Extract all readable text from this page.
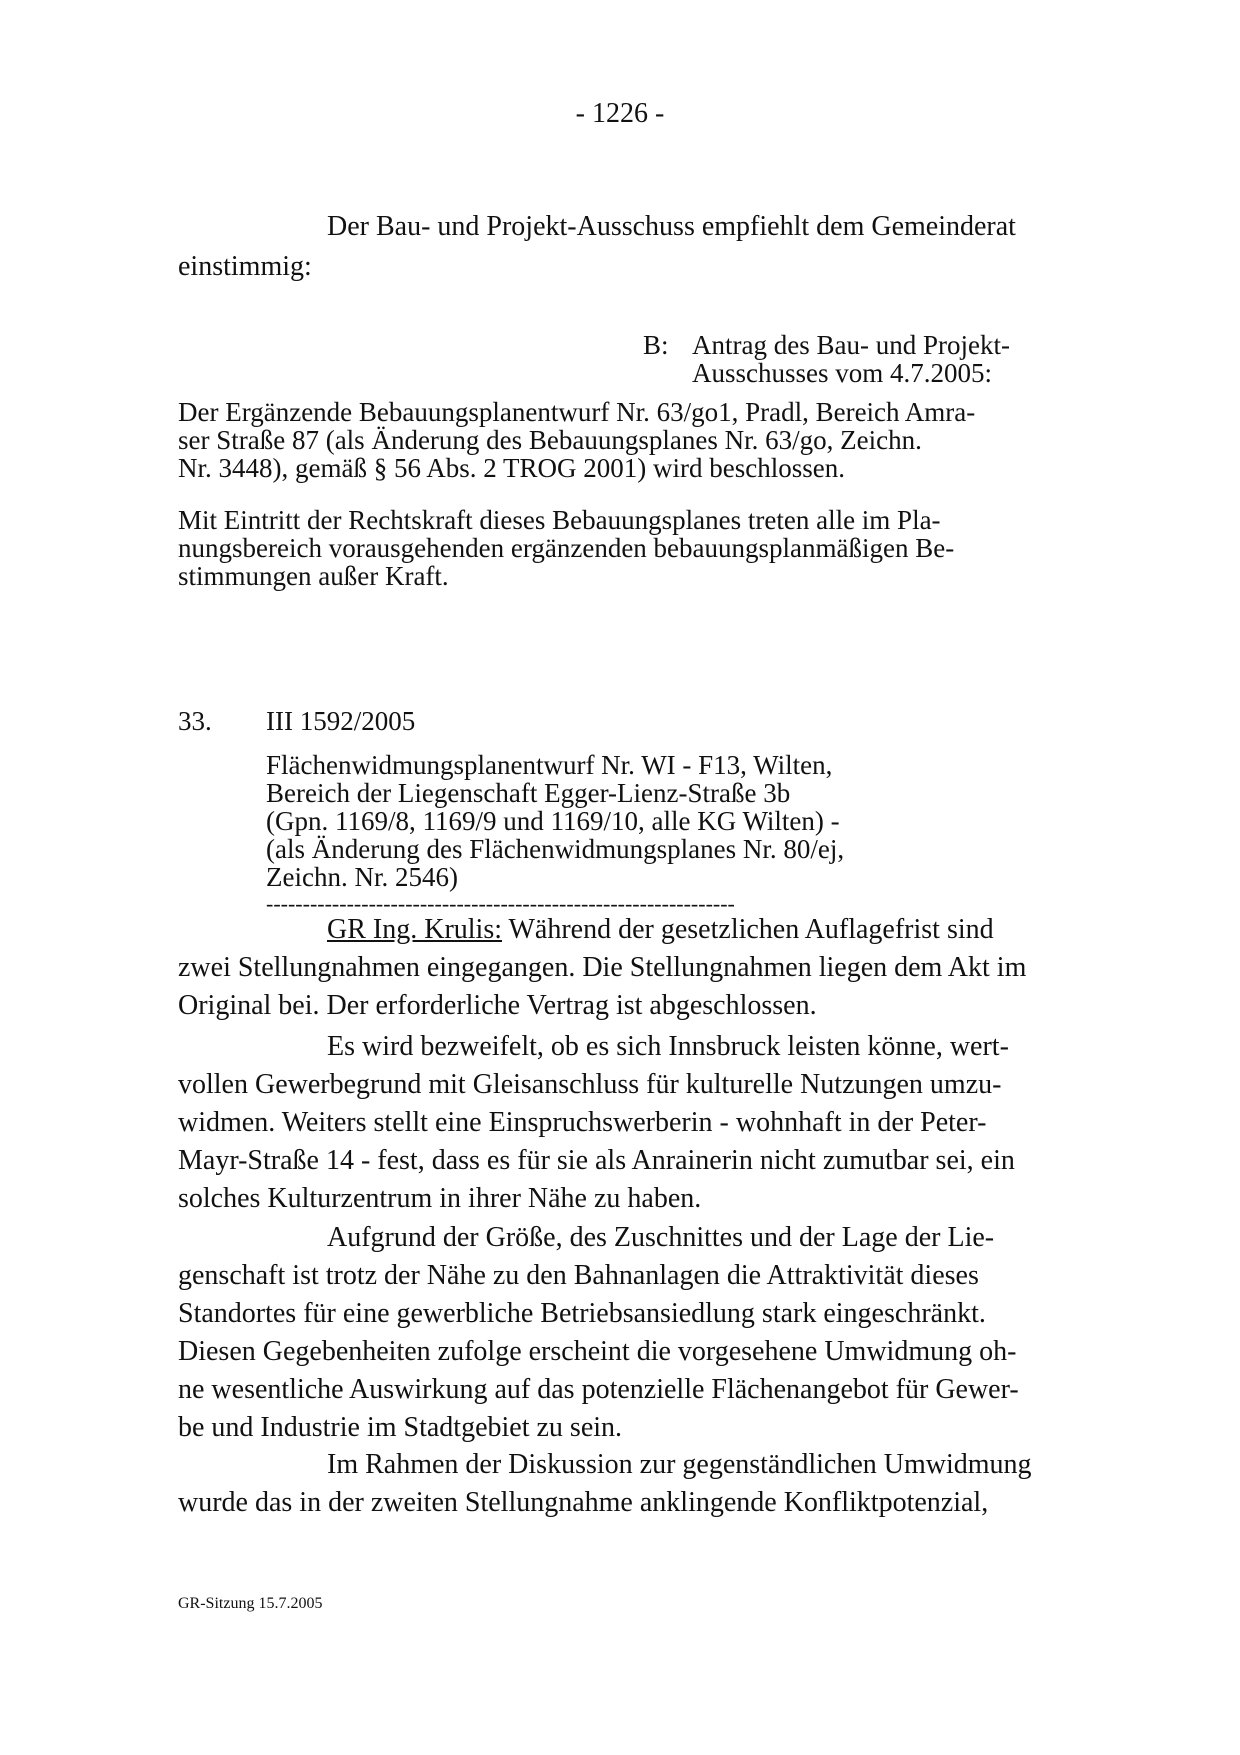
- 1226 -
Der Bau- und Projekt-Ausschuss empfiehlt dem Gemeinderat
einstimmig:
B: Antrag des Bau- und Projekt-
Ausschusses vom 4.7.2005:
Der Ergänzende Bebauungsplanentwurf Nr. 63/go1, Pradl, Bereich Amra-
ser Straße 87 (als Änderung des Bebauungsplanes Nr. 63/go, Zeichn.
Nr. 3448), gemäß § 56 Abs. 2 TROG 2001) wird beschlossen.
Mit Eintritt der Rechtskraft dieses Bebauungsplanes treten alle im Pla-
nungsbereich vorausgehenden ergänzenden bebauungsplanmäßigen Be-
stimmungen außer Kraft.
33. III 1592/2005
Flächenwidmungsplanentwurf Nr. WI - F13, Wilten,
Bereich der Liegenschaft Egger-Lienz-Straße 3b
(Gpn. 1169/8, 1169/9 und 1169/10, alle KG Wilten) -
(als Änderung des Flächenwidmungsplanes Nr. 80/ej,
Zeichn. Nr. 2546)
----------------------------------------------------------------
GR Ing. Krulis: Während der gesetzlichen Auflagefrist sind
zwei Stellungnahmen eingegangen. Die Stellungnahmen liegen dem Akt im
Original bei. Der erforderliche Vertrag ist abgeschlossen.
Es wird bezweifelt, ob es sich Innsbruck leisten könne, wert-
vollen Gewerbegrund mit Gleisanschluss für kulturelle Nutzungen umzu-
widmen. Weiters stellt eine Einspruchswerberin - wohnhaft in der Peter-
Mayr-Straße 14 - fest, dass es für sie als Anrainerin nicht zumutbar sei, ein
solches Kulturzentrum in ihrer Nähe zu haben.
Aufgrund der Größe, des Zuschnittes und der Lage der Lie-
genschaft ist trotz der Nähe zu den Bahnanlagen die Attraktivität dieses
Standortes für eine gewerbliche Betriebsansiedlung stark eingeschränkt.
Diesen Gegebenheiten zufolge erscheint die vorgesehene Umwidmung oh-
ne wesentliche Auswirkung auf das potenzielle Flächenangebot für Gewer-
be und Industrie im Stadtgebiet zu sein.
Im Rahmen der Diskussion zur gegenständlichen Umwidmung
wurde das in der zweiten Stellungnahme anklingende Konfliktpotenzial,
GR-Sitzung 15.7.2005
